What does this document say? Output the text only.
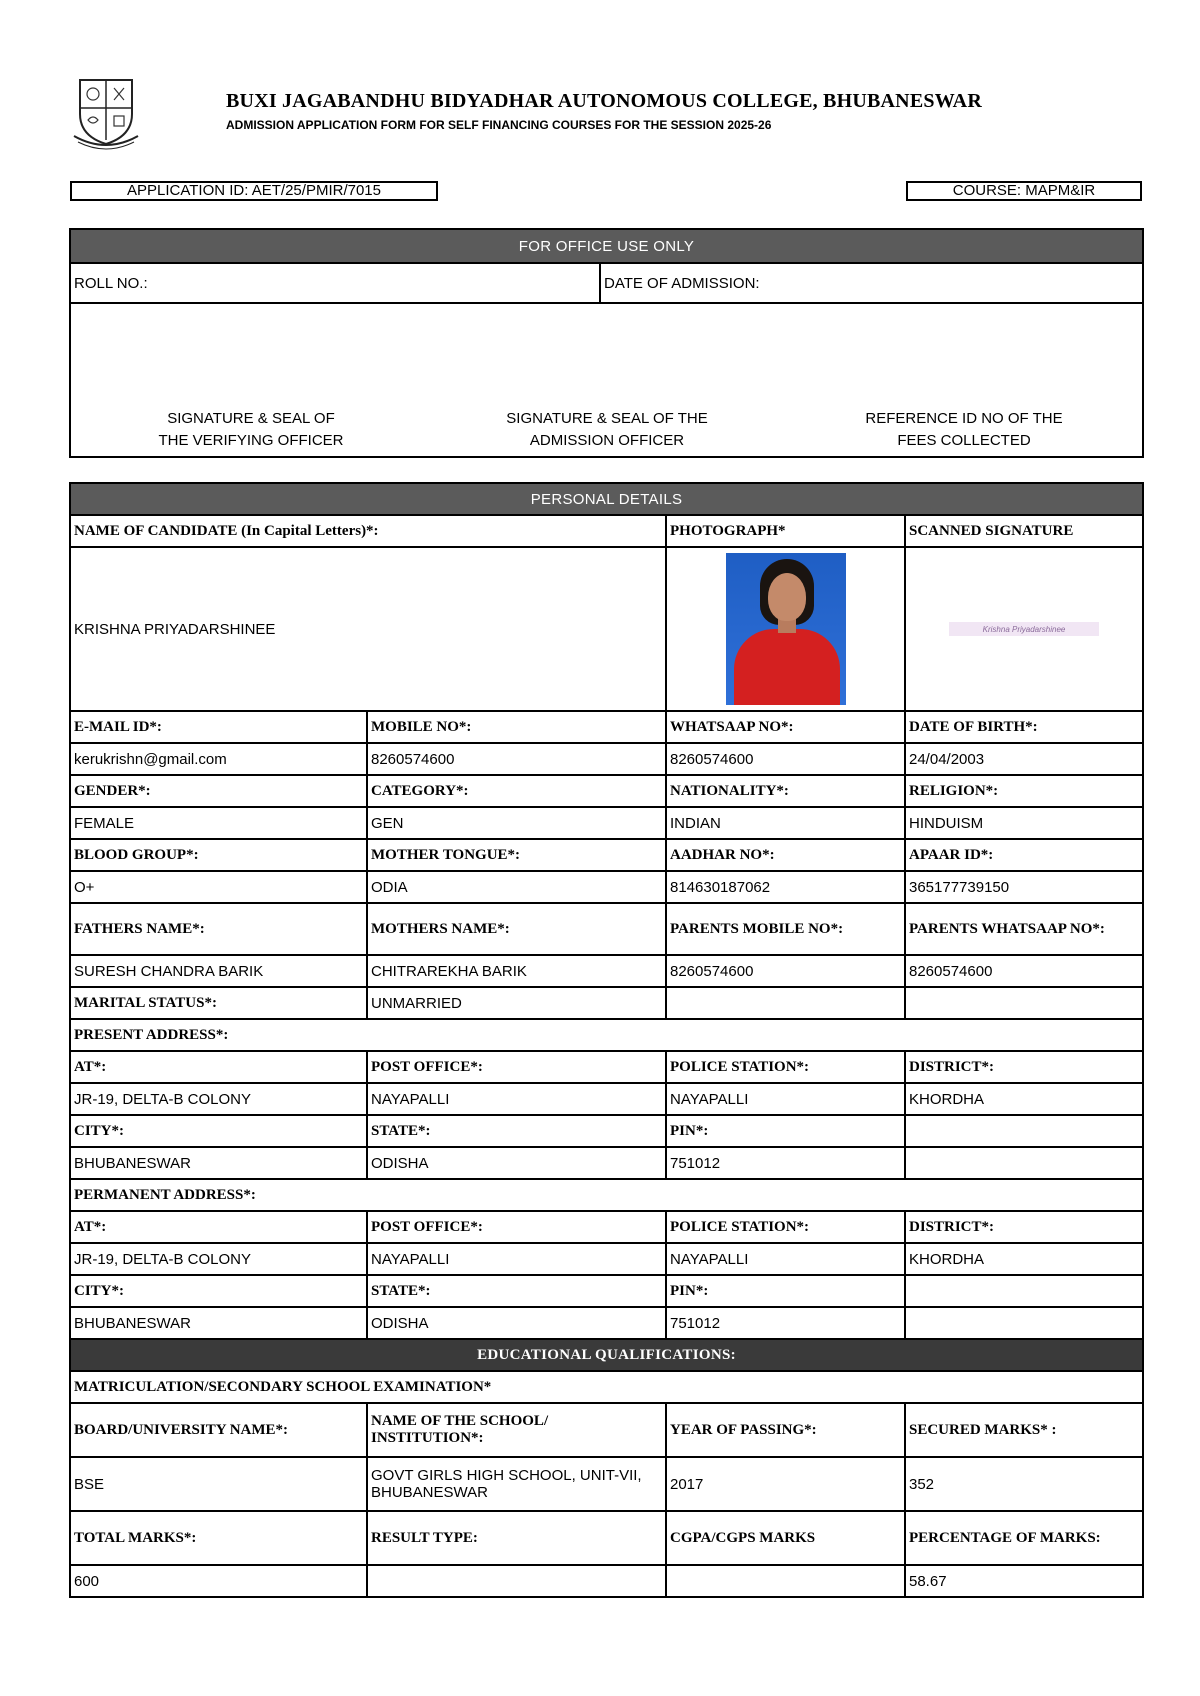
BUXI JAGABANDHU BIDYADHAR AUTONOMOUS COLLEGE, BHUBANESWAR
ADMISSION APPLICATION FORM FOR SELF FINANCING COURSES FOR THE SESSION 2025-26
APPLICATION ID: AET/25/PMIR/7015	COURSE: MAPM&IR
FOR OFFICE USE ONLY
ROLL NO.:	DATE OF ADMISSION:

SIGNATURE & SEAL OF
THE VERIFYING OFFICER
SIGNATURE & SEAL OF THE
ADMISSION OFFICER
REFERENCE ID NO OF THE
FEES COLLECTED
PERSONAL DETAILS			
NAME OF CANDIDATE (In Capital Letters)*:		PHOTOGRAPH*	SCANNED SIGNATURE
KRISHNA PRIYADARSHINEE			Krishna Priyadarshinee

E-MAIL ID*:	MOBILE NO*:	WHATSAAP NO*:	DATE OF BIRTH*:
kerukrishn@gmail.com	8260574600	8260574600	24/04/2003
GENDER*:	CATEGORY*:	NATIONALITY*:	RELIGION*:
FEMALE	GEN	INDIAN	HINDUISM
BLOOD GROUP*:	MOTHER TONGUE*:	AADHAR NO*:	APAAR ID*:
O+	ODIA	814630187062	365177739150
FATHERS NAME*:	MOTHERS NAME*:	PARENTS MOBILE NO*:	PARENTS WHATSAAP NO*:
SURESH CHANDRA BARIK	CHITRAREKHA BARIK	8260574600	8260574600
MARITAL STATUS*:	UNMARRIED		
PRESENT ADDRESS*:			
AT*:	POST OFFICE*:	POLICE STATION*:	DISTRICT*:
JR-19, DELTA-B COLONY	NAYAPALLI	NAYAPALLI	KHORDHA
CITY*:	STATE*:	PIN*:	
BHUBANESWAR	ODISHA	751012	
PERMANENT ADDRESS*:			
AT*:	POST OFFICE*:	POLICE STATION*:	DISTRICT*:
JR-19, DELTA-B COLONY	NAYAPALLI	NAYAPALLI	KHORDHA
CITY*:	STATE*:	PIN*:	
BHUBANESWAR	ODISHA	751012	
EDUCATIONAL QUALIFICATIONS:			
MATRICULATION/SECONDARY SCHOOL EXAMINATION*			
BOARD/UNIVERSITY NAME*:	NAME OF THE SCHOOL/ INSTITUTION*:	YEAR OF PASSING*:	SECURED MARKS* :
BSE	GOVT GIRLS HIGH SCHOOL, UNIT-VII, BHUBANESWAR	2017	352
TOTAL MARKS*:	RESULT TYPE:	CGPA/CGPS MARKS	PERCENTAGE OF MARKS:
600			58.67
